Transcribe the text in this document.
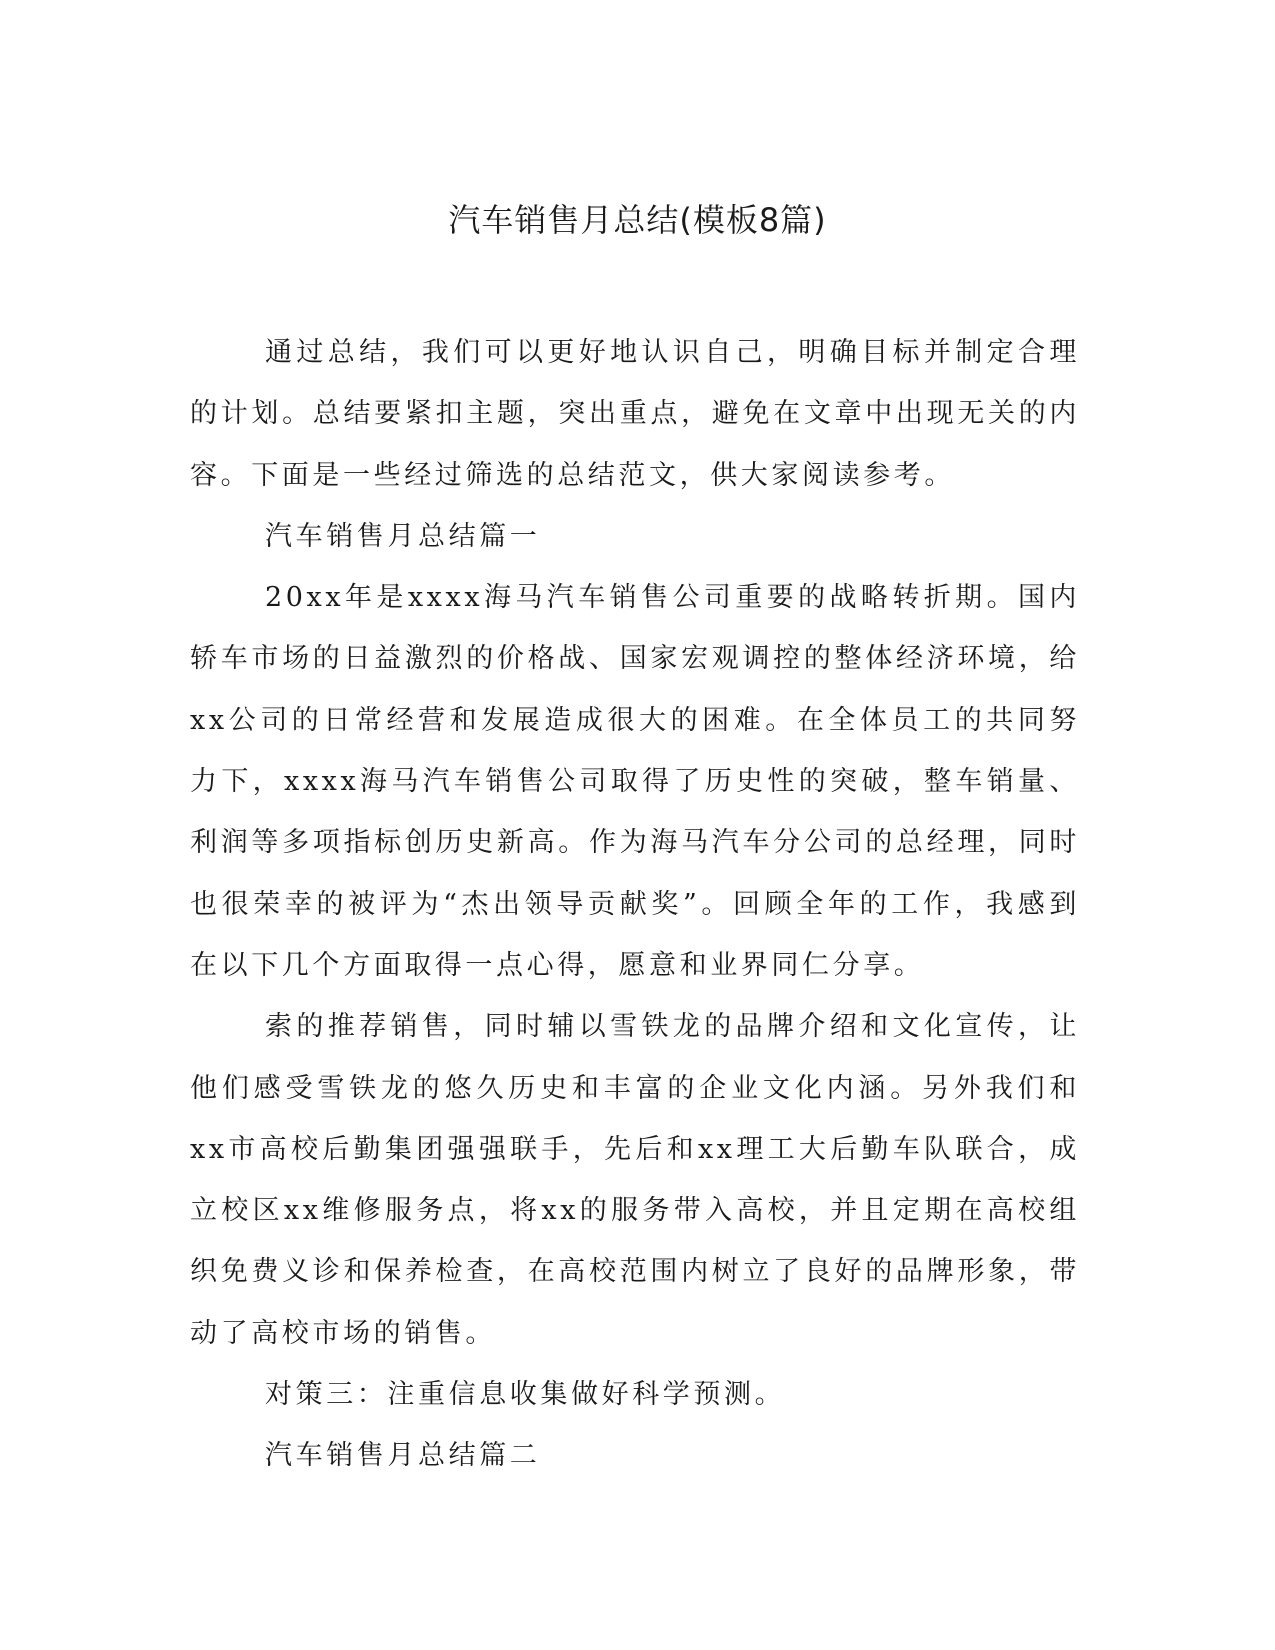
汽车销售月总结(模板8篇)

通过总结，我们可以更好地认识自己，明确目标并制定合理的计划。总结要紧扣主题，突出重点，避免在文章中出现无关的内容。下面是一些经过筛选的总结范文，供大家阅读参考。

汽车销售月总结篇一

20xx年是xxxx海马汽车销售公司重要的战略转折期。国内轿车市场的日益激烈的价格战、国家宏观调控的整体经济环境，给xx公司的日常经营和发展造成很大的困难。在全体员工的共同努力下，xxxx海马汽车销售公司取得了历史性的突破，整车销量、利润等多项指标创历史新高。作为海马汽车分公司的总经理，同时也很荣幸的被评为“杰出领导贡献奖”。回顾全年的工作，我感到在以下几个方面取得一点心得，愿意和业界同仁分享。

索的推荐销售，同时辅以雪铁龙的品牌介绍和文化宣传，让他们感受雪铁龙的悠久历史和丰富的企业文化内涵。另外我们和xx市高校后勤集团强强联手，先后和xx理工大后勤车队联合，成立校区xx维修服务点，将xx的服务带入高校，并且定期在高校组织免费义诊和保养检查，在高校范围内树立了良好的品牌形象，带动了高校市场的销售。

对策三：注重信息收集做好科学预测。

汽车销售月总结篇二
